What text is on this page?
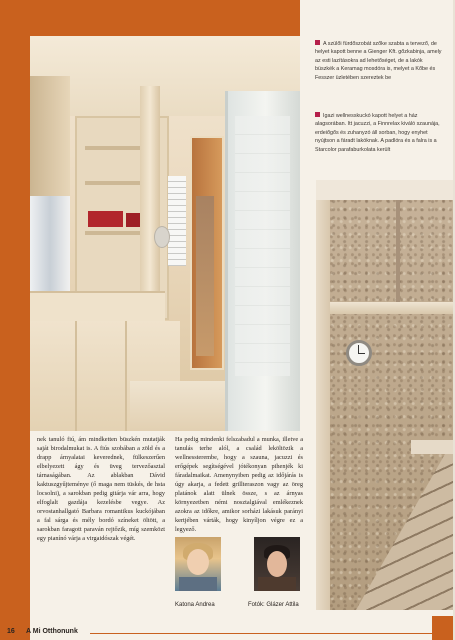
A szülői fürdőszobát szőke szabta a tervező, de helyet kapott benne a Gienger Kft. gőzkabinja, amely az esti lazításokra ad lehetőséget, de a lakók büszkék a Keramag mosdóra is, melyet a Kőbe és Fesszer üzletében szereztek be
Igazi wellnesskuckó kapott helyet a ház alagsorában. Itt jacuzzi, a Finnrelax kiváló szaunája, erdeiőgős és zuhanyzó áll sorban, hogy enyhet nyújtson a fáradt lakóknak. A padlóra és a falra is a Starcolor parafaburkolata került

nek tanuló fiú, ám mindketten büszkén mutatják saját birodalmukat is. A fiús szobában a zöld és a drapp árnyalatai keverednek, fülkeszerűen elbelyezett ágy és üveg tervezőasztal tárnaságában. Az ablakban Dávid kaktuszgyűjteménye (ő maga nem tüskés, de hsta locsolni), a sarokban pedig gitárja vár arra, hogy elfoglalt gazdája kezelésbe vegye. Az orvostanhallgató Barbara romantikus kuckójában a fal sárga és mély bordó színeket öltött, a sarokban faragott paraván rejtőzik, míg szemközt egy pianínó várja a virgaidószak végét.

Ha pedig mindenki felszabadul a munka, illetve a tanulás terhe alól, a család leköltözik a wellnessterembe, hogy a szauna, jacuzzi és erőgépek segítségével jótékonyan pihenjék ki fáradalmaikat. Amenynyiben pedig az időjárás is úgy akarja, a fedett grillteraszon vagy az öreg platánok alatt ülnek össze, s az árnyas környezetben némi nosztalgiával emlékeznek azokra az időkre, amikor sorházi lakásuk parányi kertjében várták, hogy kinyíljon végre ez a legyező.

Katona Andrea	Fotók: Glázer Attila
16 A Mi Otthonunk
